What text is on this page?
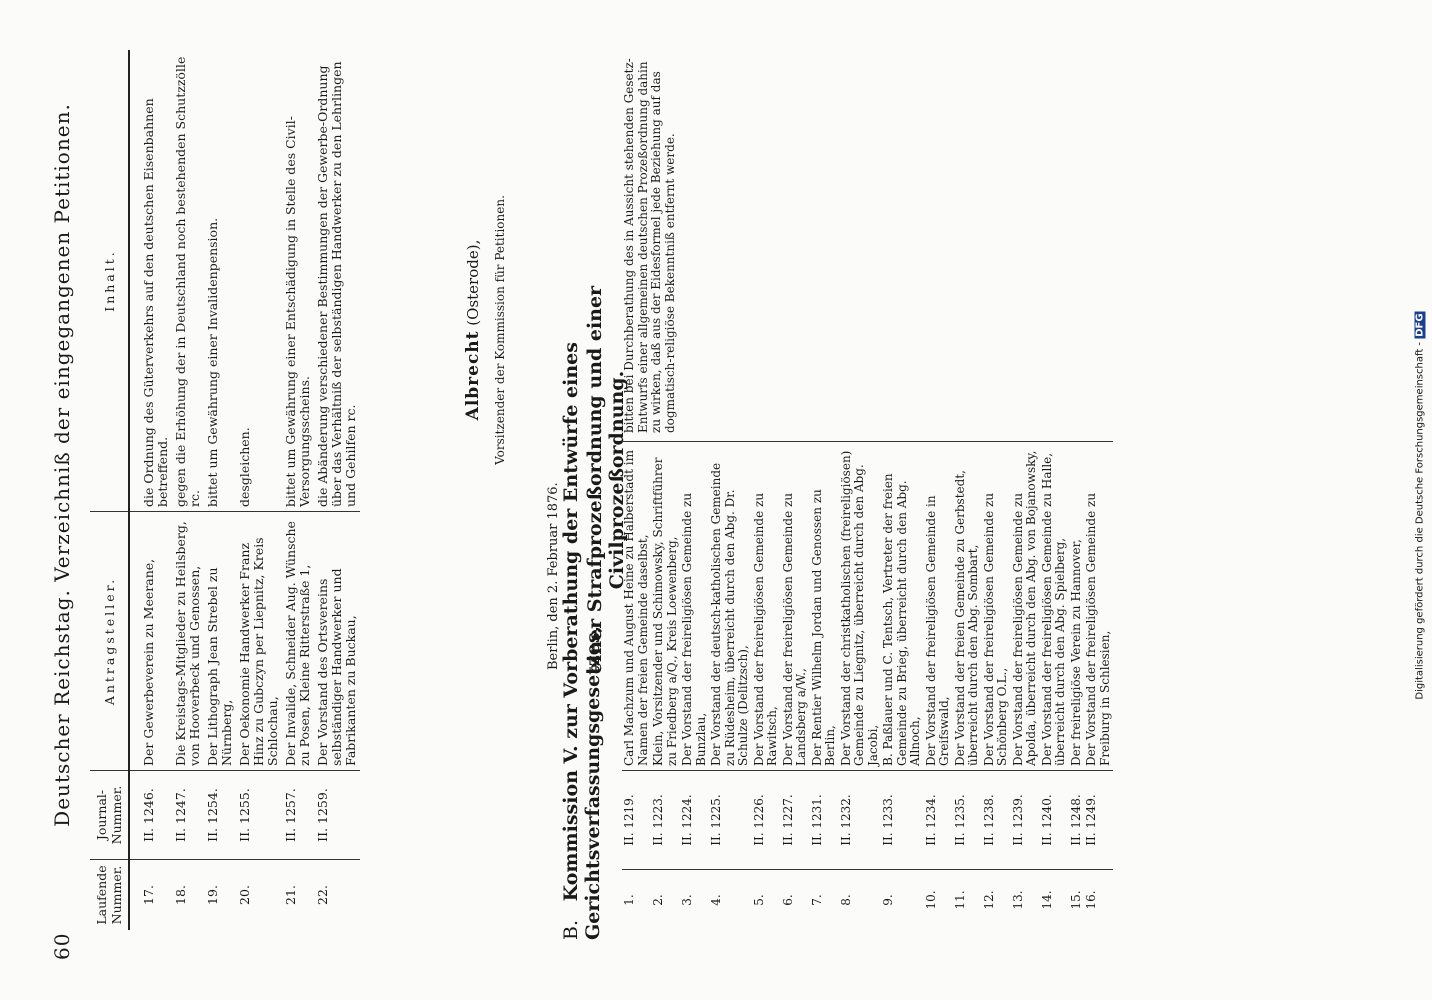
60
Deutscher Reichstag. Verzeichniß der eingegangenen Petitionen.
Laufende Nummer.	Journal-Nummer.	Antragsteller.	Inhalt.
17.	II. 1246.	Der Gewerbeverein zu Meerane,	die Ordnung des Güterverkehrs auf den deutschen Eisenbahnen betreffend.
18.	II. 1247.	Die Kreistags-Mitglieder zu Heilsberg, von Hooverbeck und Genossen,	gegen die Erhöhung der in Deutschland noch bestehenden Schutzzölle rc.
19.	II. 1254.	Der Lithograph Jean Strebel zu Nürnberg,	bittet um Gewährung einer Invalidenpension.
20.	II. 1255.	Der Oekonomie Handwerker Franz Hinz zu Gubczyn per Liepnitz, Kreis Schlochau,	desgleichen.
21.	II. 1257.	Der Invalide, Schneider Aug. Wünsche zu Posen, Kleine Ritterstraße 1,	bittet um Gewährung einer Entschädigung in Stelle des Civil-Versorgungsscheins.
22.	II. 1259.	Der Vorstand des Ortsvereins selbständiger Handwerker und Fabrikanten zu Buckau,	die Abänderung verschiedener Bestimmungen der Gewerbe-Ordnung über das Verhältniß der selbständigen Handwerker zu den Lehrlingen und Gehilfen rc.
Berlin, den 2. Februar 1876.
Albrecht (Osterode), Vorsitzender der Kommission für Petitionen.
B. Kommission V. zur Vorberathung der Entwürfe eines Gerichtsverfassungsgesetzes,
einer Strafprozeßordnung und einer Civilprozeßordnung.
1.	II. 1219.	Carl Machzum und August Heine zu Halberstadt im Namen der freien Gemeinde daselbst,	bitten bei Durchberathung des in Aussicht stehenden Gesetz-Entwurfs einer allgemeinen deutschen Prozeßordnung dahin zu wirken, daß aus der Eidesformel jede Beziehung auf das dogmatisch-religiöse Bekenntniß entfernt werde.
2.	II. 1223.	Klein, Vorsitzender und Schimowsky, Schriftführer zu Friedberg a/Q., Kreis Loewenberg,	
3.	II. 1224.	Der Vorstand der freireligiösen Gemeinde zu Bunzlau,	
4.	II. 1225.	Der Vorstand der deutsch-katholischen Gemeinde zu Rüdesheim, überreicht durch den Abg. Dr. Schulze (Delitzsch),	
5.	II. 1226.	Der Vorstand der freireligiösen Gemeinde zu Rawitsch,	
6.	II. 1227.	Der Vorstand der freireligiösen Gemeinde zu Landsberg a/W.,	
7.	II. 1231.	Der Rentier Wilhelm Jordan und Genossen zu Berlin,	
8.	II. 1232.	Der Vorstand der christkatholischen (freireligiösen) Gemeinde zu Liegnitz, überreicht durch den Abg. Jacobi,	
9.	II. 1233.	B. Paßlauer und C. Tentsch, Vertreter der freien Gemeinde zu Brieg, überreicht durch den Abg. Allnoch,	
10.	II. 1234.	Der Vorstand der freireligiösen Gemeinde in Greifswald,	
11.	II. 1235.	Der Vorstand der freien Gemeinde zu Gerbstedt, überreicht durch den Abg. Sombart,	
12.	II. 1238.	Der Vorstand der freireligiösen Gemeinde zu Schönberg O.L.,	
13.	II. 1239.	Der Vorstand der freireligiösen Gemeinde zu Apolda, überreicht durch den Abg. von Bojanowsky,	
14.	II. 1240.	Der Vorstand der freireligiösen Gemeinde zu Halle, überreicht durch den Abg. Spielberg,	
15.	II. 1248.	Der freireligiöse Verein zu Hannover,	
16.	II. 1249.	Der Vorstand der freireligiösen Gemeinde zu Freiburg in Schlesien,		Digitalisierung gefördert durch die Deutsche Forschungsgemeinschaft - DFG
